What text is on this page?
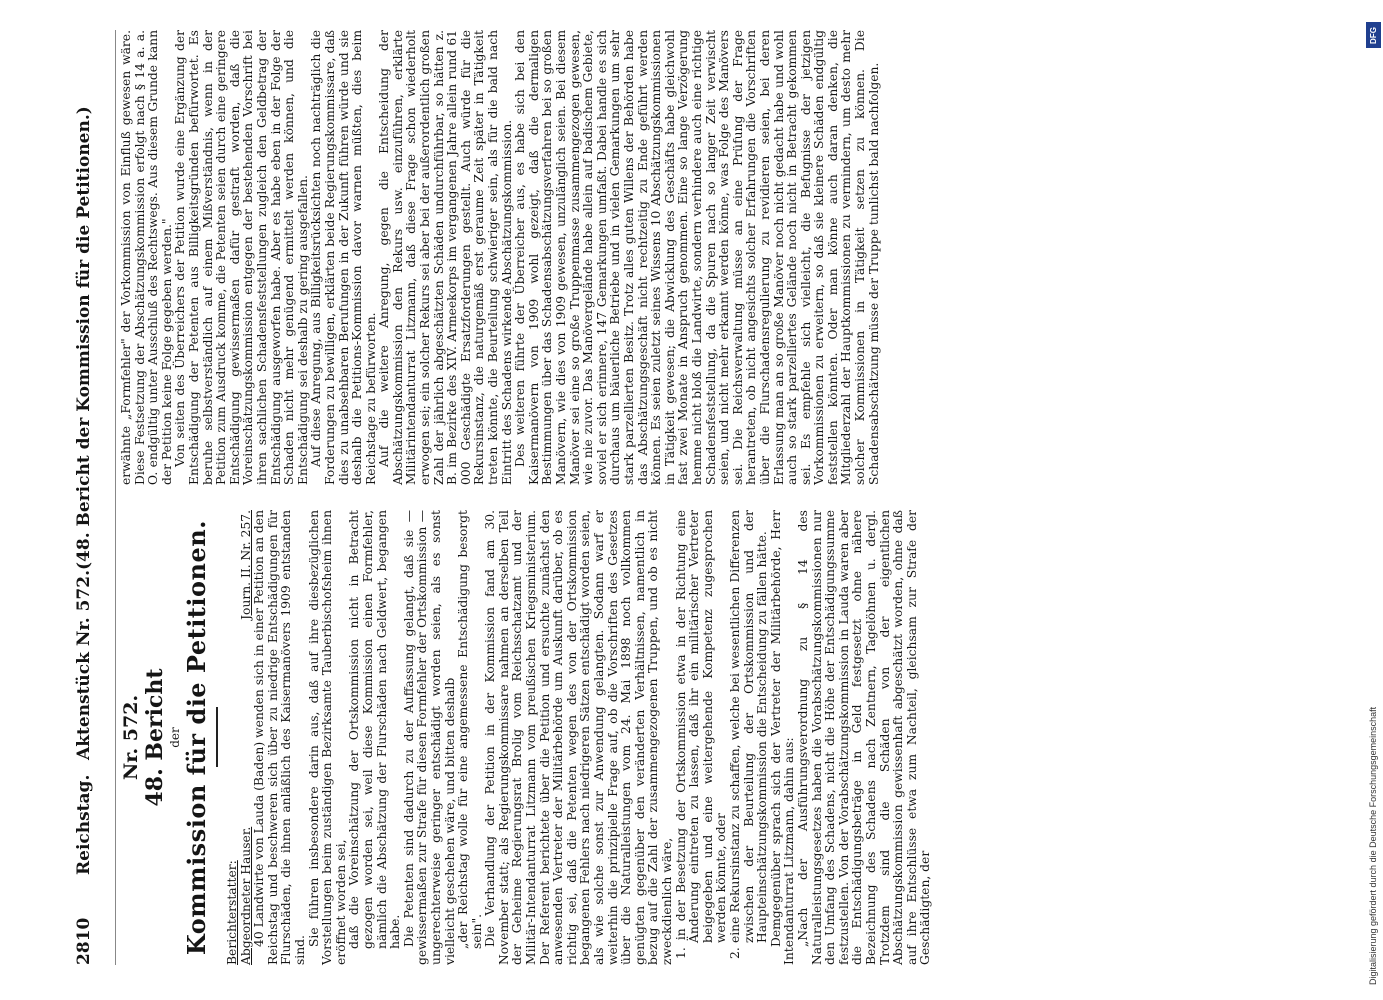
2810
Reichstag.
Aktenstück Nr. 572.
(48. Bericht der Kommission für die Petitionen.)
Nr. 572. 48. Bericht der Kommission für die Petitionen. Berichterstatter: Abgeordneter Hauser.
Journ. II. Nr. 257. 40 Landwirte von Lauda (Baden) wenden sich in einer Petition an den Reichstag und beschweren sich über zu niedrige Entschädigungen für Flurschäden, die ihnen anläßlich des Kaisermanövers 1909 entstanden sind.

Sie führen insbesondere darin aus, daß auf ihre diesbezüglichen Vorstellungen beim zuständigen Bezirksamte Tauberbischofsheim ihnen eröffnet worden sei, daß die Voreinschätzung der Ortskommission nicht in Betracht gezogen worden sei, weil diese Kommission einen Formfehler, nämlich die Abschätzung der Flurschäden nach Geldwert, begangen habe. Die Petenten sind dadurch zu der Auffassung gelangt, daß sie — gewissermaßen zur Strafe für diesen Formfehler der Ortskommission — ungerechterweise geringer entschädigt worden seien, als es sonst vielleicht geschehen wäre, und bitten deshalb „der Reichstag wolle für eine angemessene Entschädigung besorgt sein". Die Verhandlung der Petition in der Kommission fand am 30. November statt; als Regierungskommissare nahmen an derselben Teil der Geheime Regierungsrat Brolig vom Reichsschatzamt und der Militär-Intendanturrat Litzmann vom preußischen Kriegsministerium. Der Referent berichtete über die Petition und ersuchte zunächst den anwesenden Vertreter der Militärbehörde um Auskunft darüber, ob es richtig sei, daß die Petenten wegen des von der Ortskommission begangenen Fehlers nach niedrigeren Sätzen entschädigt worden seien, als wie solche sonst zur Anwendung gelangten. Sodann warf er weiterhin die prinzipielle Frage auf, ob die Vorschriften des Gesetzes über die Naturalleistungen vom 24. Mai 1898 noch vollkommen genügten gegenüber den veränderten Verhältnissen, namentlich in bezug auf die Zahl der zusammengezogenen Truppen, und ob es nicht zweckdienlich wäre, 1. in der Besetzung der Ortskommission etwa in der Richtung eine Änderung eintreten zu lassen, daß ihr ein militärischer Vertreter beigegeben und eine weitergehende Kompetenz zugesprochen werden könnte, oder 2. eine Rekursinstanz zu schaffen, welche bei wesentlichen Differenzen zwischen der Beurteilung der Ortskommission und der Haupteinschätzungskommission die Entscheidung zu fällen hätte. Demgegenüber sprach sich der Vertreter der Militärbehörde, Herr Intendanturrat Litzmann, dahin aus: „Nach der Ausführungsverordnung zu § 14 des Naturalleistungsgesetzes haben die Vorabschätzungskommissionen nur den Umfang des Schadens, nicht die Höhe der Entschädigungssumme festzustellen. Von der Vorabschätzungskommission in Lauda waren aber die Entschädigungsbeträge in Geld festgesetzt ohne nähere Bezeichnung des Schadens nach Zentnern, Tagelöhnen u. dergl. Trotzdem sind die Schäden von der eigentlichen Abschätzungskommission gewissenhaft abgeschätzt worden, ohne daß auf ihre Entschlüsse etwa zum Nachteil, gleichsam zur Strafe der Geschädigten, der

erwähnte „Formfehler" der Vorkommission von Einfluß gewesen wäre. Diese Festsetzung der Abschätzungskommission erfolgt nach § 14 a. a. O. endgültig unter Ausschluß des Rechtswegs. Aus diesem Grunde kann der Petition keine Folge gegeben werden." Von seiten des Überreichers der Petition wurde eine Ergänzung der Entschädigung der Petenten aus Billigkeitsgründen befürwortet. Es beruhe selbstverständlich auf einem Mißverständnis, wenn in der Petition zum Ausdruck komme, die Petenten seien durch eine geringere Entschädigung gewissermaßen dafür gestraft worden, daß die Voreinschätzungskommission entgegen der bestehenden Vorschrift bei ihren sachlichen Schadensfeststellungen zugleich den Geldbetrag der Entschädigung ausgeworfen habe. Aber es habe eben in der Folge der Schaden nicht mehr genügend ermittelt werden können, und die Entschädigung sei deshalb zu gering ausgefallen. Auf diese Anregung, aus Billigkeitsrücksichten noch nachträglich die Forderungen zu bewilligen, erklärten beide Regierungskommissare, daß dies zu unabsehbaren Berufungen in der Zukunft führen würde und sie deshalb die Petitions-Kommission davor warnen müßten, dies beim Reichstage zu befürworten. Auf die weitere Anregung, gegen die Entscheidung der Abschätzungskommission den Rekurs usw. einzuführen, erklärte Militärintendanturrat Litzmann, daß diese Frage schon wiederholt erwogen sei; ein solcher Rekurs sei aber bei der außerordentlich großen Zahl der jährlich abgeschätzten Schäden undurchführbar, so hätten z. B. im Bezirke des XIV. Armeekorps im vergangenen Jahre allein rund 61 000 Geschädigte Ersatzforderungen gestellt. Auch würde für die Rekursinstanz, die naturgemäß erst geraume Zeit später in Tätigkeit treten könnte, die Beurteilung schwieriger sein, als für die bald nach Eintritt des Schadens wirkende Abschätzungskommission. Des weiteren führte der Überreicher aus, es habe sich bei den Kaisermanövern von 1909 wohl gezeigt, daß die dermaligen Bestimmungen über das Schadensabschätzungsverfahren bei so großen Manövern, wie dies von 1909 gewesen, unzulänglich seien. Bei diesem Manöver sei eine so große Truppenmasse zusammengezogen gewesen, wie nie zuvor. Das Manövergelände habe allein auf badischem Gebiete, soviel er sich erinnere, 147 Gemarkungen umfaßt. Dabei handle es sich durchaus um bäuerliche Betriebe und in vielen Gemarkungen um sehr stark parzellierten Besitz. Trotz alles guten Willens der Behörden habe das Abschätzungsgeschäft nicht rechtzeitig zu Ende geführt werden können. Es seien zuletzt seines Wissens 10 Abschätzungskommissionen in Tätigkeit gewesen; die Abwicklung des Geschäfts habe gleichwohl fast zwei Monate in Anspruch genommen. Eine so lange Verzögerung hemme nicht bloß die Landwirte, sondern verhindere auch eine richtige Schadensfeststellung, da die Spuren nach so langer Zeit verwischt seien, und nicht mehr erkannt werden könne, was Folge des Manövers sei. Die Reichsverwaltung müsse an eine Prüfung der Frage herantreten, ob nicht angesichts solcher Erfahrungen die Vorschriften über die Flurschadensregulierung zu revidieren seien, bei deren Erlassung man an so große Manöver noch nicht gedacht habe und wohl auch so stark parzelliertes Gelände noch nicht in Betracht gekommen sei. Es empfehle sich vielleicht, die Befugnisse der jetzigen Vorkommissionen zu erweitern, so daß sie kleinere Schäden endgültig feststellen könnten. Oder man könne auch daran denken, die Mitgliederzahl der Hauptkommissionen zu vermindern, um desto mehr solcher Kommissionen in Tätigkeit setzen zu können. Die Schadensabschätzung müsse der Truppe tunlichst bald nachfolgen.

Digitalisierung gefördert durch die Deutsche Forschungsgemeinschaft
DFG
